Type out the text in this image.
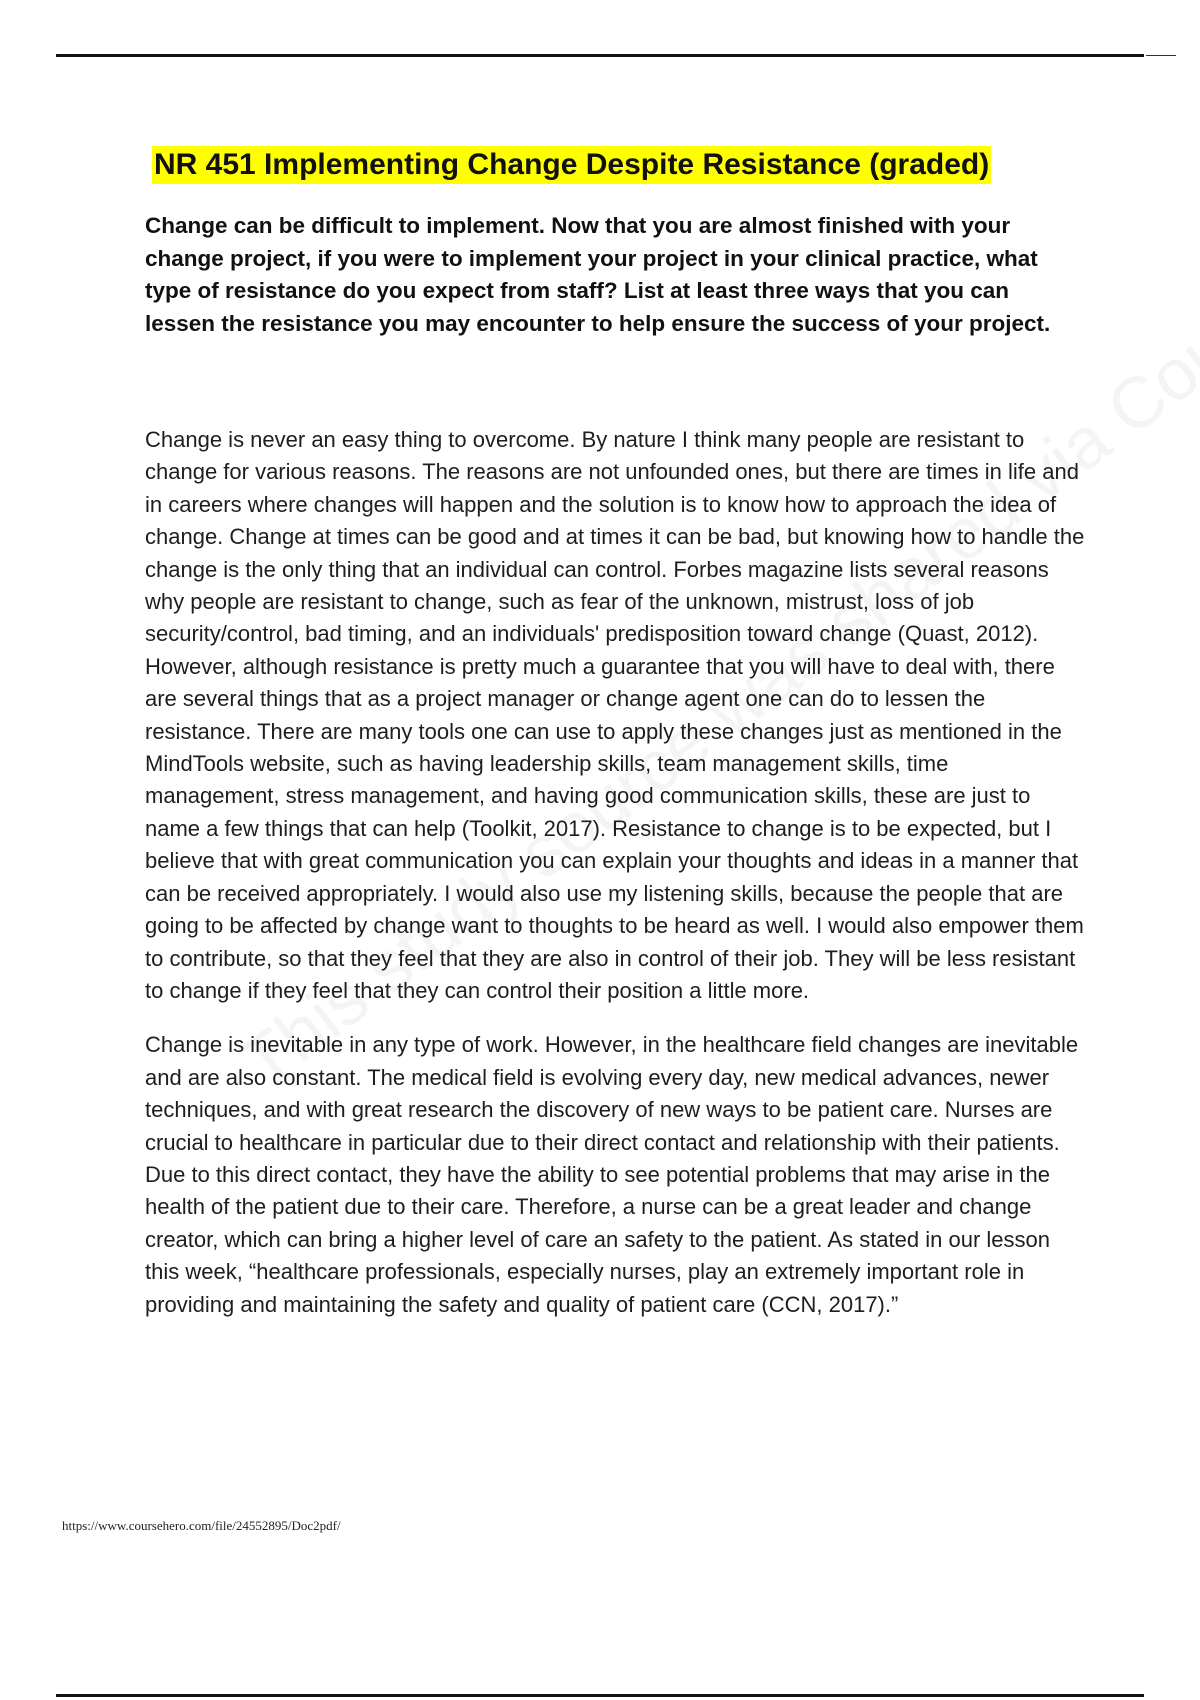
NR 451 Implementing Change Despite Resistance (graded)

Change can be difficult to implement. Now that you are almost finished with your change project, if you were to implement your project in your clinical practice, what type of resistance do you expect from staff? List at least three ways that you can lessen the resistance you may encounter to help ensure the success of your project.

Change is never an easy thing to overcome. By nature I think many people are resistant to change for various reasons. The reasons are not unfounded ones, but there are times in life and in careers where changes will happen and the solution is to know how to approach the idea of change. Change at times can be good and at times it can be bad, but knowing how to handle the change is the only thing that an individual can control. Forbes magazine lists several reasons why people are resistant to change, such as fear of the unknown, mistrust, loss of job security/control, bad timing, and an individuals' predisposition toward change (Quast, 2012). However, although resistance is pretty much a guarantee that you will have to deal with, there are several things that as a project manager or change agent one can do to lessen the resistance. There are many tools one can use to apply these changes just as mentioned in the MindTools website, such as having leadership skills, team management skills, time management, stress management, and having good communication skills, these are just to name a few things that can help (Toolkit, 2017). Resistance to change is to be expected, but I believe that with great communication you can explain your thoughts and ideas in a manner that can be received appropriately. I would also use my listening skills, because the people that are going to be affected by change want to thoughts to be heard as well. I would also empower them to contribute, so that they feel that they are also in control of their job. They will be less resistant to change if they feel that they can control their position a little more.

Change is inevitable in any type of work. However, in the healthcare field changes are inevitable and are also constant. The medical field is evolving every day, new medical advances, newer techniques, and with great research the discovery of new ways to be patient care. Nurses are crucial to healthcare in particular due to their direct contact and relationship with their patients. Due to this direct contact, they have the ability to see potential problems that may arise in the health of the patient due to their care. Therefore, a nurse can be a great leader and change creator, which can bring a higher level of care an safety to the patient. As stated in our lesson this week, “healthcare professionals, especially nurses, play an extremely important role in providing and maintaining the safety and quality of patient care (CCN, 2017).”

https://www.coursehero.com/file/24552895/Doc2pdf/
